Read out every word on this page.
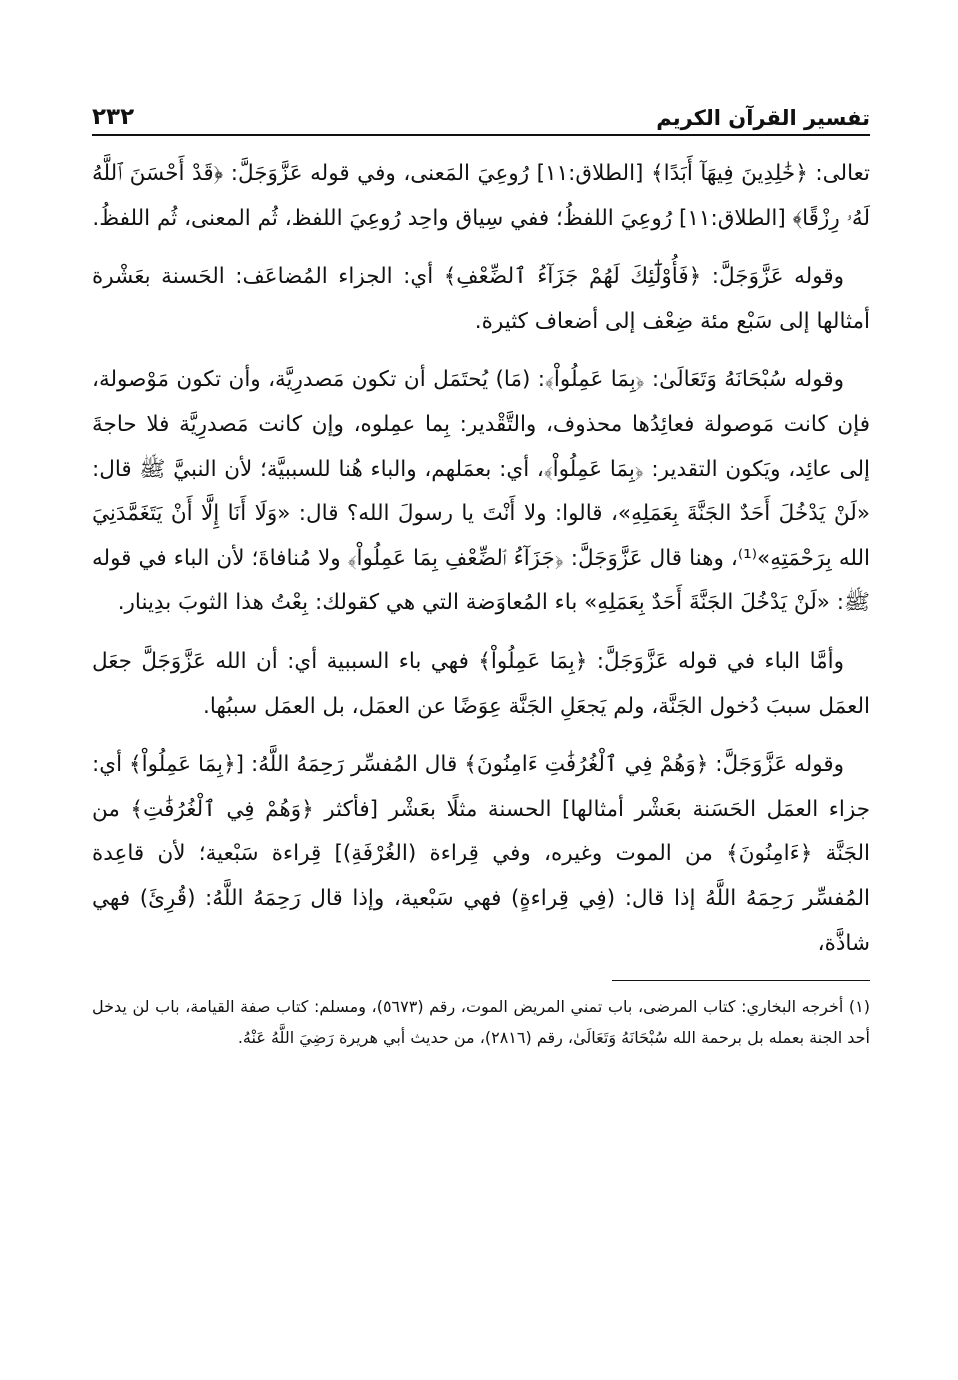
تفسير القرآن الكريم
٢٣٢

تعالى: ﴿خَٰلِدِينَ فِيهَآ أَبَدًا﴾ [الطلاق:١١] رُوعِيَ المَعنى، وفي قوله عَزَّوَجَلَّ: ﴿قَدْ أَحْسَنَ ٱللَّهُ لَهُۥ رِزْقًا﴾ [الطلاق:١١] رُوعِيَ اللفظُ؛ ففي سِياق واحِد رُوعِيَ اللفظ، ثُم المعنى، ثُم اللفظُ.

وقوله عَزَّوَجَلَّ: ﴿فَأُوْلَٰٓئِكَ لَهُمْ جَزَآءُ ٱلضِّعْفِ﴾ أي: الجزاء المُضاعَف: الحَسنة بعَشْرة أمثالها إلى سَبْع مئة ضِعْف إلى أضعاف كثيرة.

وقوله سُبْحَانَهُ وَتَعَالَىٰ: ﴿بِمَا عَمِلُواْ﴾: (مَا) يُحتَمَل أن تكون مَصدرِيَّة، وأن تكون مَوْصولة، فإن كانت مَوصولة فعائِدُها محذوف، والتَّقْدير: بِما عمِلوه، وإن كانت مَصدرِيَّة فلا حاجةَ إلى عائِد، ويَكون التقدير: ﴿بِمَا عَمِلُواْ﴾، أي: بعمَلهم، والباء هُنا للسببيَّة؛ لأن النبيَّ ﷺ قال: «لَنْ يَدْخُلَ أَحَدٌ الجَنَّةَ بِعَمَلِهِ»، قالوا: ولا أَنْتَ يا رسولَ الله؟ قال: «وَلَا أَنَا إِلَّا أَنْ يَتَغَمَّدَنِيَ الله بِرَحْمَتِهِ»⁽¹⁾، وهنا قال عَزَّوَجَلَّ: ﴿جَزَآءُ ٱلضِّعْفِ بِمَا عَمِلُواْ﴾ ولا مُنافاةَ؛ لأن الباء في قوله ﷺ: «لَنْ يَدْخُلَ الجَنَّةَ أَحَدٌ بِعَمَلِهِ» باء المُعاوَضة التي هي كقولك: بِعْتُ هذا الثوبَ بدِينار.

وأمَّا الباء في قوله عَزَّوَجَلَّ: ﴿بِمَا عَمِلُواْ﴾ فهي باء السببية أي: أن الله عَزَّوَجَلَّ جعَل العمَل سببَ دُخول الجَنَّة، ولم يَجعَلِ الجَنَّة عِوَضًا عن العمَل، بل العمَل سببُها.

وقوله عَزَّوَجَلَّ: ﴿وَهُمْ فِي ٱلْغُرُفَٰتِ ءَامِنُونَ﴾ قال المُفسِّر رَحِمَهُ اللَّهُ: [﴿بِمَا عَمِلُواْ﴾ أي: جزاء العمَل الحَسَنة بعَشْر أمثالها] الحسنة مثلًا بعَشْر [فأكثر ﴿وَهُمْ فِي ٱلْغُرُفَٰتِ﴾ من الجَنَّة ﴿ءَامِنُونَ﴾ من الموت وغيره، وفي قِراءة (الغُرْفَةِ)] قِراءة سَبْعية؛ لأن قاعِدة المُفسِّر رَحِمَهُ اللَّهُ إذا قال: (فِي قِراءةٍ) فهي سَبْعية، وإذا قال رَحِمَهُ اللَّهُ: (قُرِئَ) فهي شاذَّة،

(١) أخرجه البخاري: كتاب المرضى، باب تمني المريض الموت، رقم (٥٦٧٣)، ومسلم: كتاب صفة القيامة، باب لن يدخل أحد الجنة بعمله بل برحمة الله سُبْحَانَهُ وَتَعَالَىٰ، رقم (٢٨١٦)، من حديث أبي هريرة رَضِيَ اللَّهُ عَنْهُ.
